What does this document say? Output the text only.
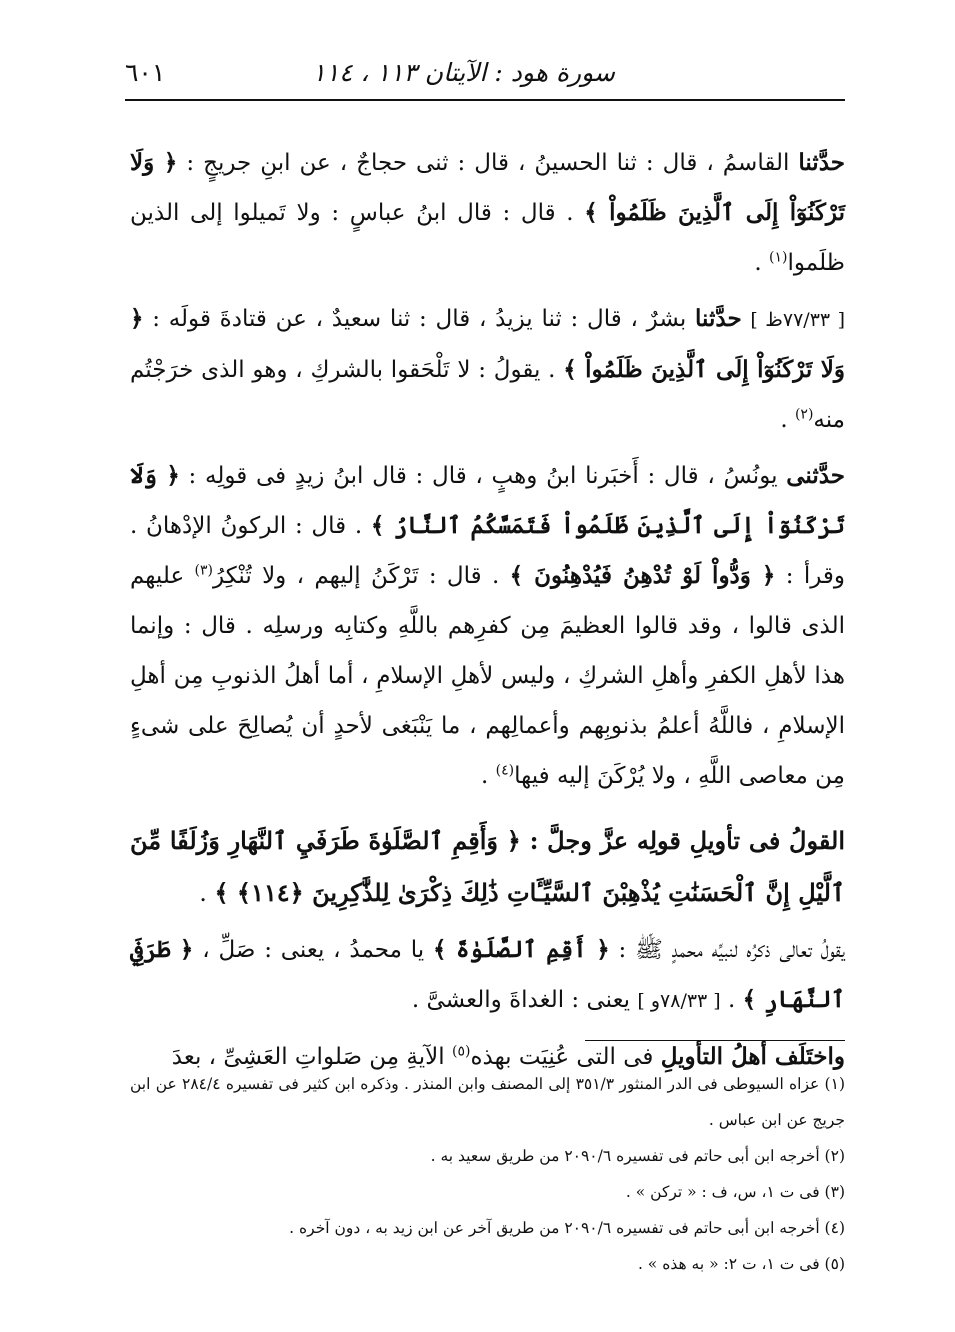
سورة هود : الآيتان ١١٣ ، ١١٤
٦٠١

حدَّثنا القاسمُ ، قال : ثنا الحسينُ ، قال : ثنى حجاجٌ ، عن ابنِ جريجٍ : ﴿ وَلَا تَرْكَنُوٓاْ إِلَى ٱلَّذِينَ ظَلَمُواْ ﴾ . قال : قال ابنُ عباسٍ : ولا تَميلوا إلى الذين ظلَموا$^{(١)}$ .

[ ٧٧/٣٣ظ ] حدَّثنا بشرٌ ، قال : ثنا يزيدُ ، قال : ثنا سعيدٌ ، عن قتادةَ قولَه : ﴿ وَلَا تَرْكَنُوٓاْ إِلَى ٱلَّذِينَ ظَلَمُواْ ﴾ . يقولُ : لا تَلْحَقوا بالشركِ ، وهو الذى خرَجْتُم منه$^{(٢)}$ .

حدَّثنى يونُسُ ، قال : أَخبَرنا ابنُ وهبٍ ، قال : قال ابنُ زيدٍ فى قولِه : ﴿ وَلَا تَرْكَنُوٓاْ إِلَى ٱلَّذِينَ ظَلَمُواْ فَتَمَسَّكُمُ ٱلنَّارُ ﴾ . قال : الركونُ الإدْهانُ . وقرأ : ﴿ وَدُّواْ لَوْ تُدْهِنُ فَيُدْهِنُونَ ﴾ . قال : تَرْكَنُ إليهم ، ولا تُنْكِرُ$^{(٣)}$ عليهم الذى قالوا ، وقد قالوا العظيمَ مِن كفرِهم باللَّهِ وكتابِه ورسلِه . قال : وإنما هذا لأهلِ الكفرِ وأهلِ الشركِ ، وليس لأهلِ الإسلامِ ، أما أهلُ الذنوبِ مِن أهلِ الإسلامِ ، فاللَّهُ أعلمُ بذنوبِهم وأعمالِهم ، ما يَنْبَغى لأحدٍ أن يُصالِحَ على شىءٍ مِن معاصى اللَّهِ ، ولا يُرْكَنَ إليه فيها$^{(٤)}$ .

القولُ فى تأويلِ قولِه عزَّ وجلَّ : ﴿ وَأَقِمِ ٱلصَّلَوٰةَ طَرَفَيِ ٱلنَّهَارِ وَزُلَفًا مِّنَ ٱلَّيْلِ إِنَّ ٱلْحَسَنَٰتِ يُذْهِبْنَ ٱلسَّيِّـَٔاتِ ذَٰلِكَ ذِكْرَىٰ لِلذَّٰكِرِينَ ﴿١١٤﴾ ﴾ .

يقولُ تعالى ذكرُه لنبيِّه محمدٍ ﷺ : ﴿ أَقِمِ ٱلصَّلَوٰةَ ﴾ يا محمدُ ، يعنى : صَلِّ ، ﴿ طَرَفَيِ ٱلنَّهَارِ ﴾ . [ ٧٨/٣٣و ] يعنى : الغداةَ والعشىَّ .

واختَلَف أهلُ التأويلِ فى التى عُنِيَت بهذه$^{(٥)}$ الآيةِ مِن صَلواتِ العَشِىِّ ، بعدَ

(١) عزاه السيوطى فى الدر المنثور ٣٥١/٣ إلى المصنف وابن المنذر . وذكره ابن كثير فى تفسيره ٢٨٤/٤ عن ابن جريج عن ابن عباس .

(٢) أخرجه ابن أبى حاتم فى تفسيره ٢٠٩٠/٦ من طريق سعيد به .

(٣) فى ت ١، س، ف : « تركن » .

(٤) أخرجه ابن أبى حاتم فى تفسيره ٢٠٩٠/٦ من طريق آخر عن ابن زيد به ، دون آخره .

(٥) فى ت ١، ت ٢: « به هذه » .
